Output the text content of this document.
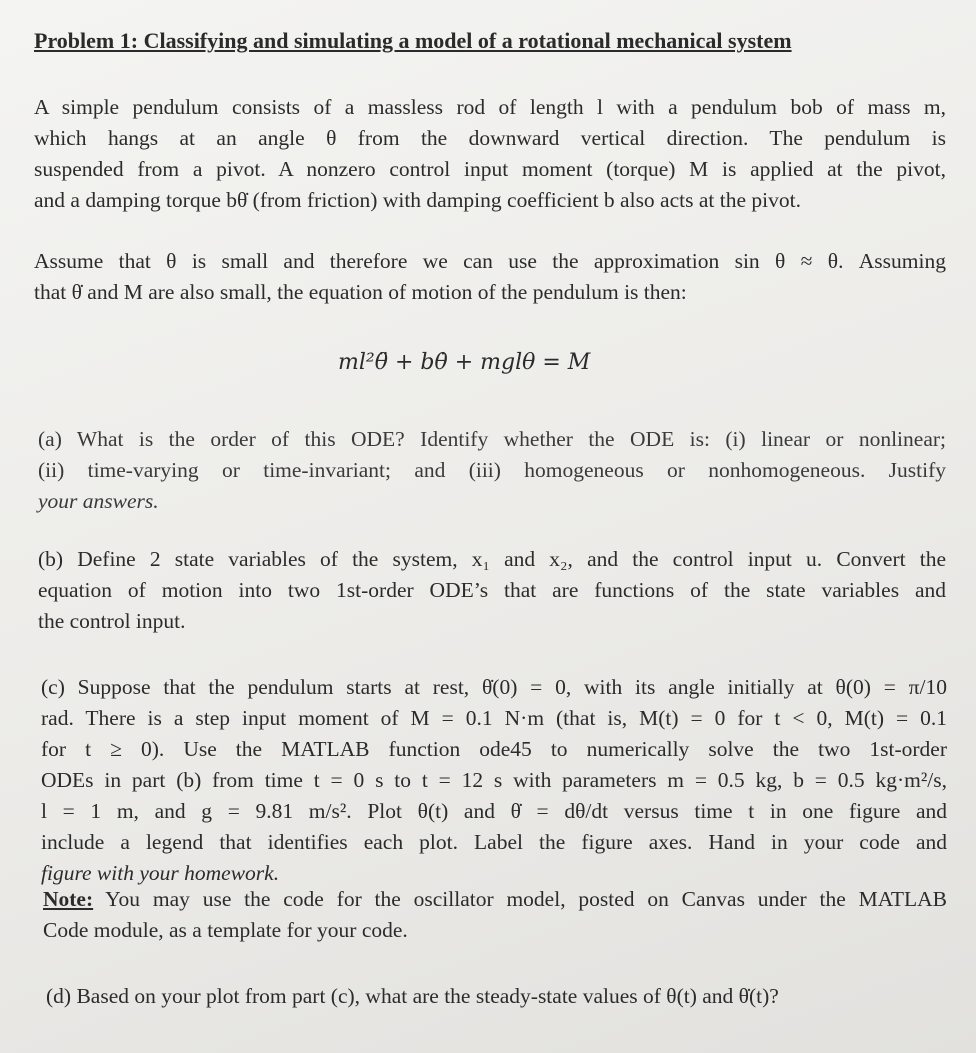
Problem 1: Classifying and simulating a model of a rotational mechanical system
A simple pendulum consists of a massless rod of length l with a pendulum bob of mass m,
which hangs at an angle θ from the downward vertical direction. The pendulum is
suspended from a pivot. A nonzero control input moment (torque) M is applied at the pivot,
and a damping torque bθ̇ (from friction) with damping coefficient b also acts at the pivot.
Assume that θ is small and therefore we can use the approximation sin θ ≈ θ. Assuming
that θ̇ and M are also small, the equation of motion of the pendulum is then:
ml²θ̈ + bθ̇ + mglθ = M
(a) What is the order of this ODE? Identify whether the ODE is: (i) linear or nonlinear;
(ii) time-varying or time-invariant; and (iii) homogeneous or nonhomogeneous. Justify
your answers.
(b) Define 2 state variables of the system, x₁ and x₂, and the control input u. Convert the
equation of motion into two 1st-order ODE’s that are functions of the state variables and
the control input.
(c) Suppose that the pendulum starts at rest, θ̇(0) = 0, with its angle initially at θ(0) = π/10
rad. There is a step input moment of M = 0.1 N·m (that is, M(t) = 0 for t < 0, M(t) = 0.1
for t ≥ 0). Use the MATLAB function ode45 to numerically solve the two 1st-order
ODEs in part (b) from time t = 0 s to t = 12 s with parameters m = 0.5 kg, b = 0.5 kg·m²/s,
l = 1 m, and g = 9.81 m/s². Plot θ(t) and θ̇ = dθ/dt versus time t in one figure and
include a legend that identifies each plot. Label the figure axes. Hand in your code and
figure with your homework.
Note: You may use the code for the oscillator model, posted on Canvas under the MATLAB
Code module, as a template for your code.
(d) Based on your plot from part (c), what are the steady-state values of θ(t) and θ̇(t)?
